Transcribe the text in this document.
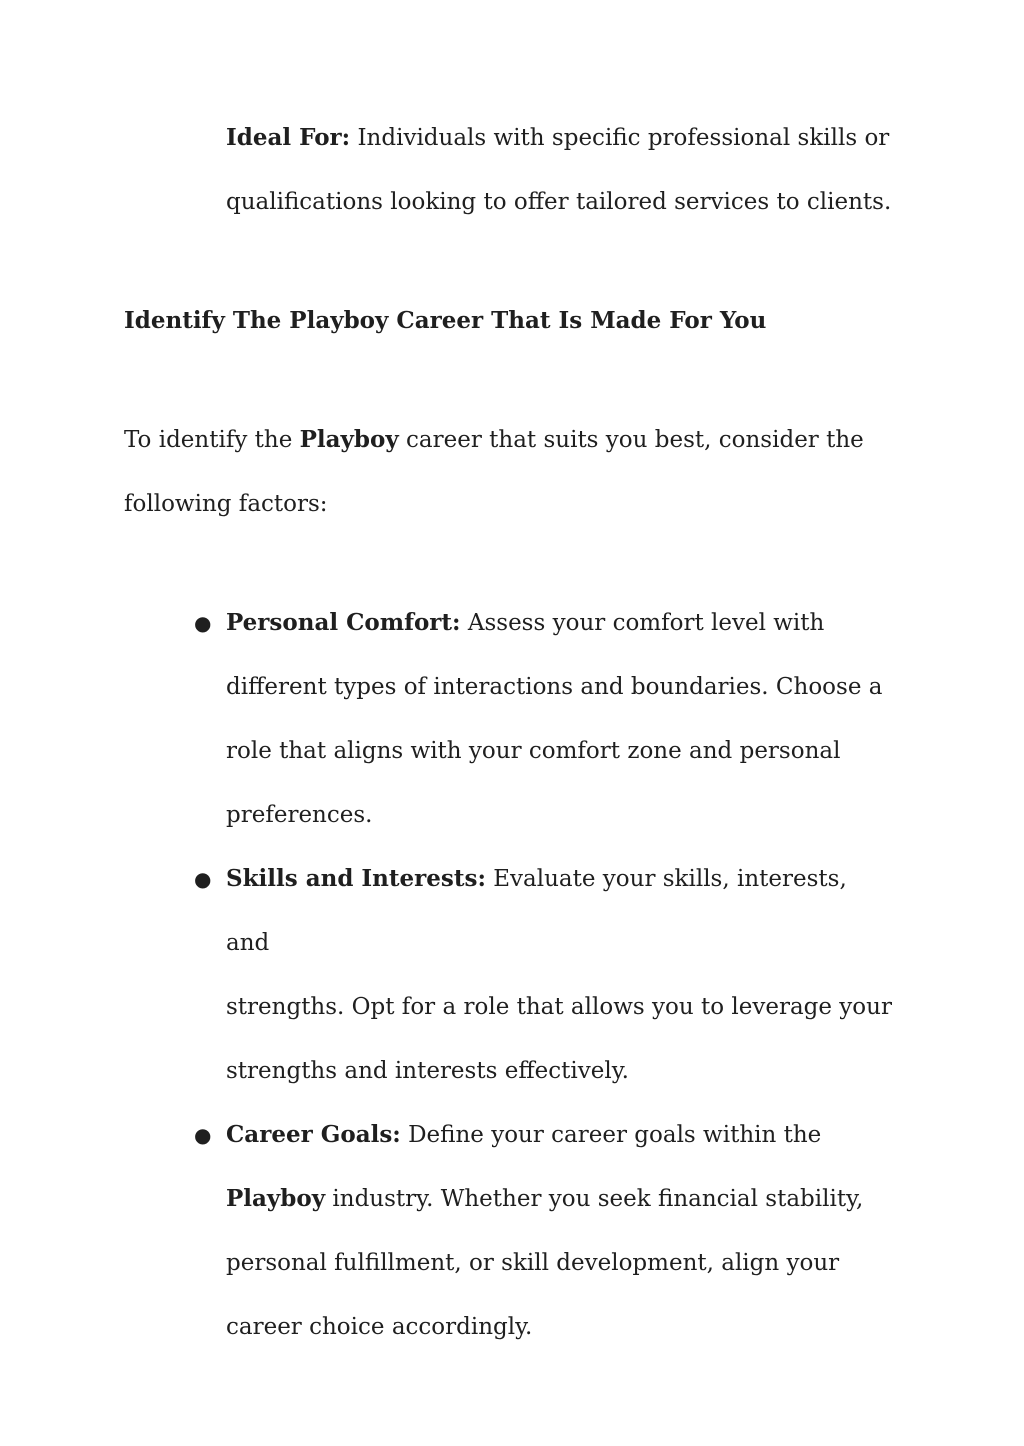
Ideal For: Individuals with specific professional skills or

qualifications looking to offer tailored services to clients.

Identify The Playboy Career That Is Made For You

To identify the Playboy career that suits you best, consider the

following factors:

● Personal Comfort: Assess your comfort level with

different types of interactions and boundaries. Choose a

role that aligns with your comfort zone and personal

preferences.

● Skills and Interests: Evaluate your skills, interests, and

strengths. Opt for a role that allows you to leverage your

strengths and interests effectively.

● Career Goals: Define your career goals within the

Playboy industry. Whether you seek financial stability,

personal fulfillment, or skill development, align your

career choice accordingly.
